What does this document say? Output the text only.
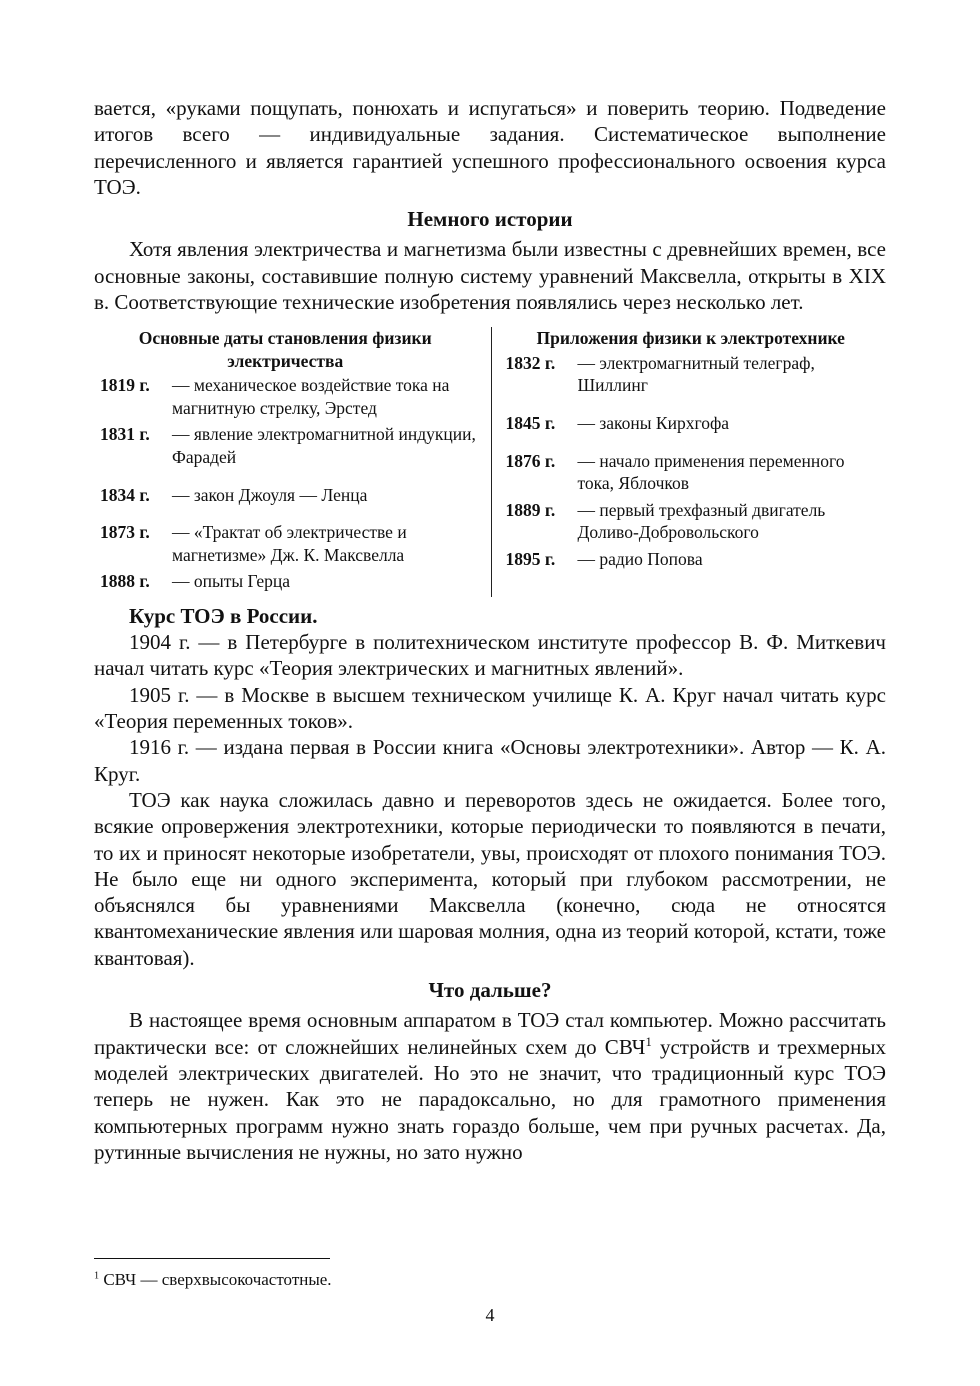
вается, «руками пощупать, понюхать и испугаться» и поверить теорию. Подведение итогов всего — индивидуальные задания. Систематическое выполнение перечисленного и является гарантией успешного профессионального освоения курса ТОЭ.

Немного истории

Хотя явления электричества и магнетизма были известны с древнейших времен, все основные законы, составившие полную систему уравнений Максвелла, открыты в XIX в. Соответствующие технические изобретения появлялись через несколько лет.

Основные даты становления физики электричества
1819 г.	— механическое воздействие тока на магнитную стрелку, Эрстед
1831 г.	— явление электромагнитной индукции, Фарадей
1834 г.	— закон Джоуля — Ленца
1873 г.	— «Трактат об электричестве и магнетизме» Дж. К. Максвелла
1888 г.	— опыты Герца
Приложения физики к электротехнике
1832 г.	— электромагнитный телеграф, Шиллинг
1845 г.	— законы Кирхгофа
1876 г.	— начало применения переменного тока, Яблочков
1889 г.	— первый трехфазный двигатель Доливо-Добровольского
1895 г.	— радио Попова

Курс ТОЭ в России.

1904 г. — в Петербурге в политехническом институте профессор В. Ф. Миткевич начал читать курс «Теория электрических и магнитных явлений».

1905 г. — в Москве в высшем техническом училище К. А. Круг начал читать курс «Теория переменных токов».

1916 г. — издана первая в России книга «Основы электротехники». Автор — К. А. Круг.

ТОЭ как наука сложилась давно и переворотов здесь не ожидается. Более того, всякие опровержения электротехники, которые периодически то появляются в печати, то их и приносят некоторые изобретатели, увы, происходят от плохого понимания ТОЭ. Не было еще ни одного эксперимента, который при глубоком рассмотрении, не объяснялся бы уравнениями Максвелла (конечно, сюда не относятся квантомеханические явления или шаровая молния, одна из теорий которой, кстати, тоже квантовая).

Что дальше?

В настоящее время основным аппаратом в ТОЭ стал компьютер. Можно рассчитать практически все: от сложнейших нелинейных схем до СВЧ$^1$ устройств и трехмерных моделей электрических двигателей. Но это не значит, что традиционный курс ТОЭ теперь не нужен. Как это не парадоксально, но для грамотного применения компьютерных программ нужно знать гораздо больше, чем при ручных расчетах. Да, рутинные вычисления не нужны, но зато нужно

$^1$ СВЧ — сверхвысокочастотные.
4
